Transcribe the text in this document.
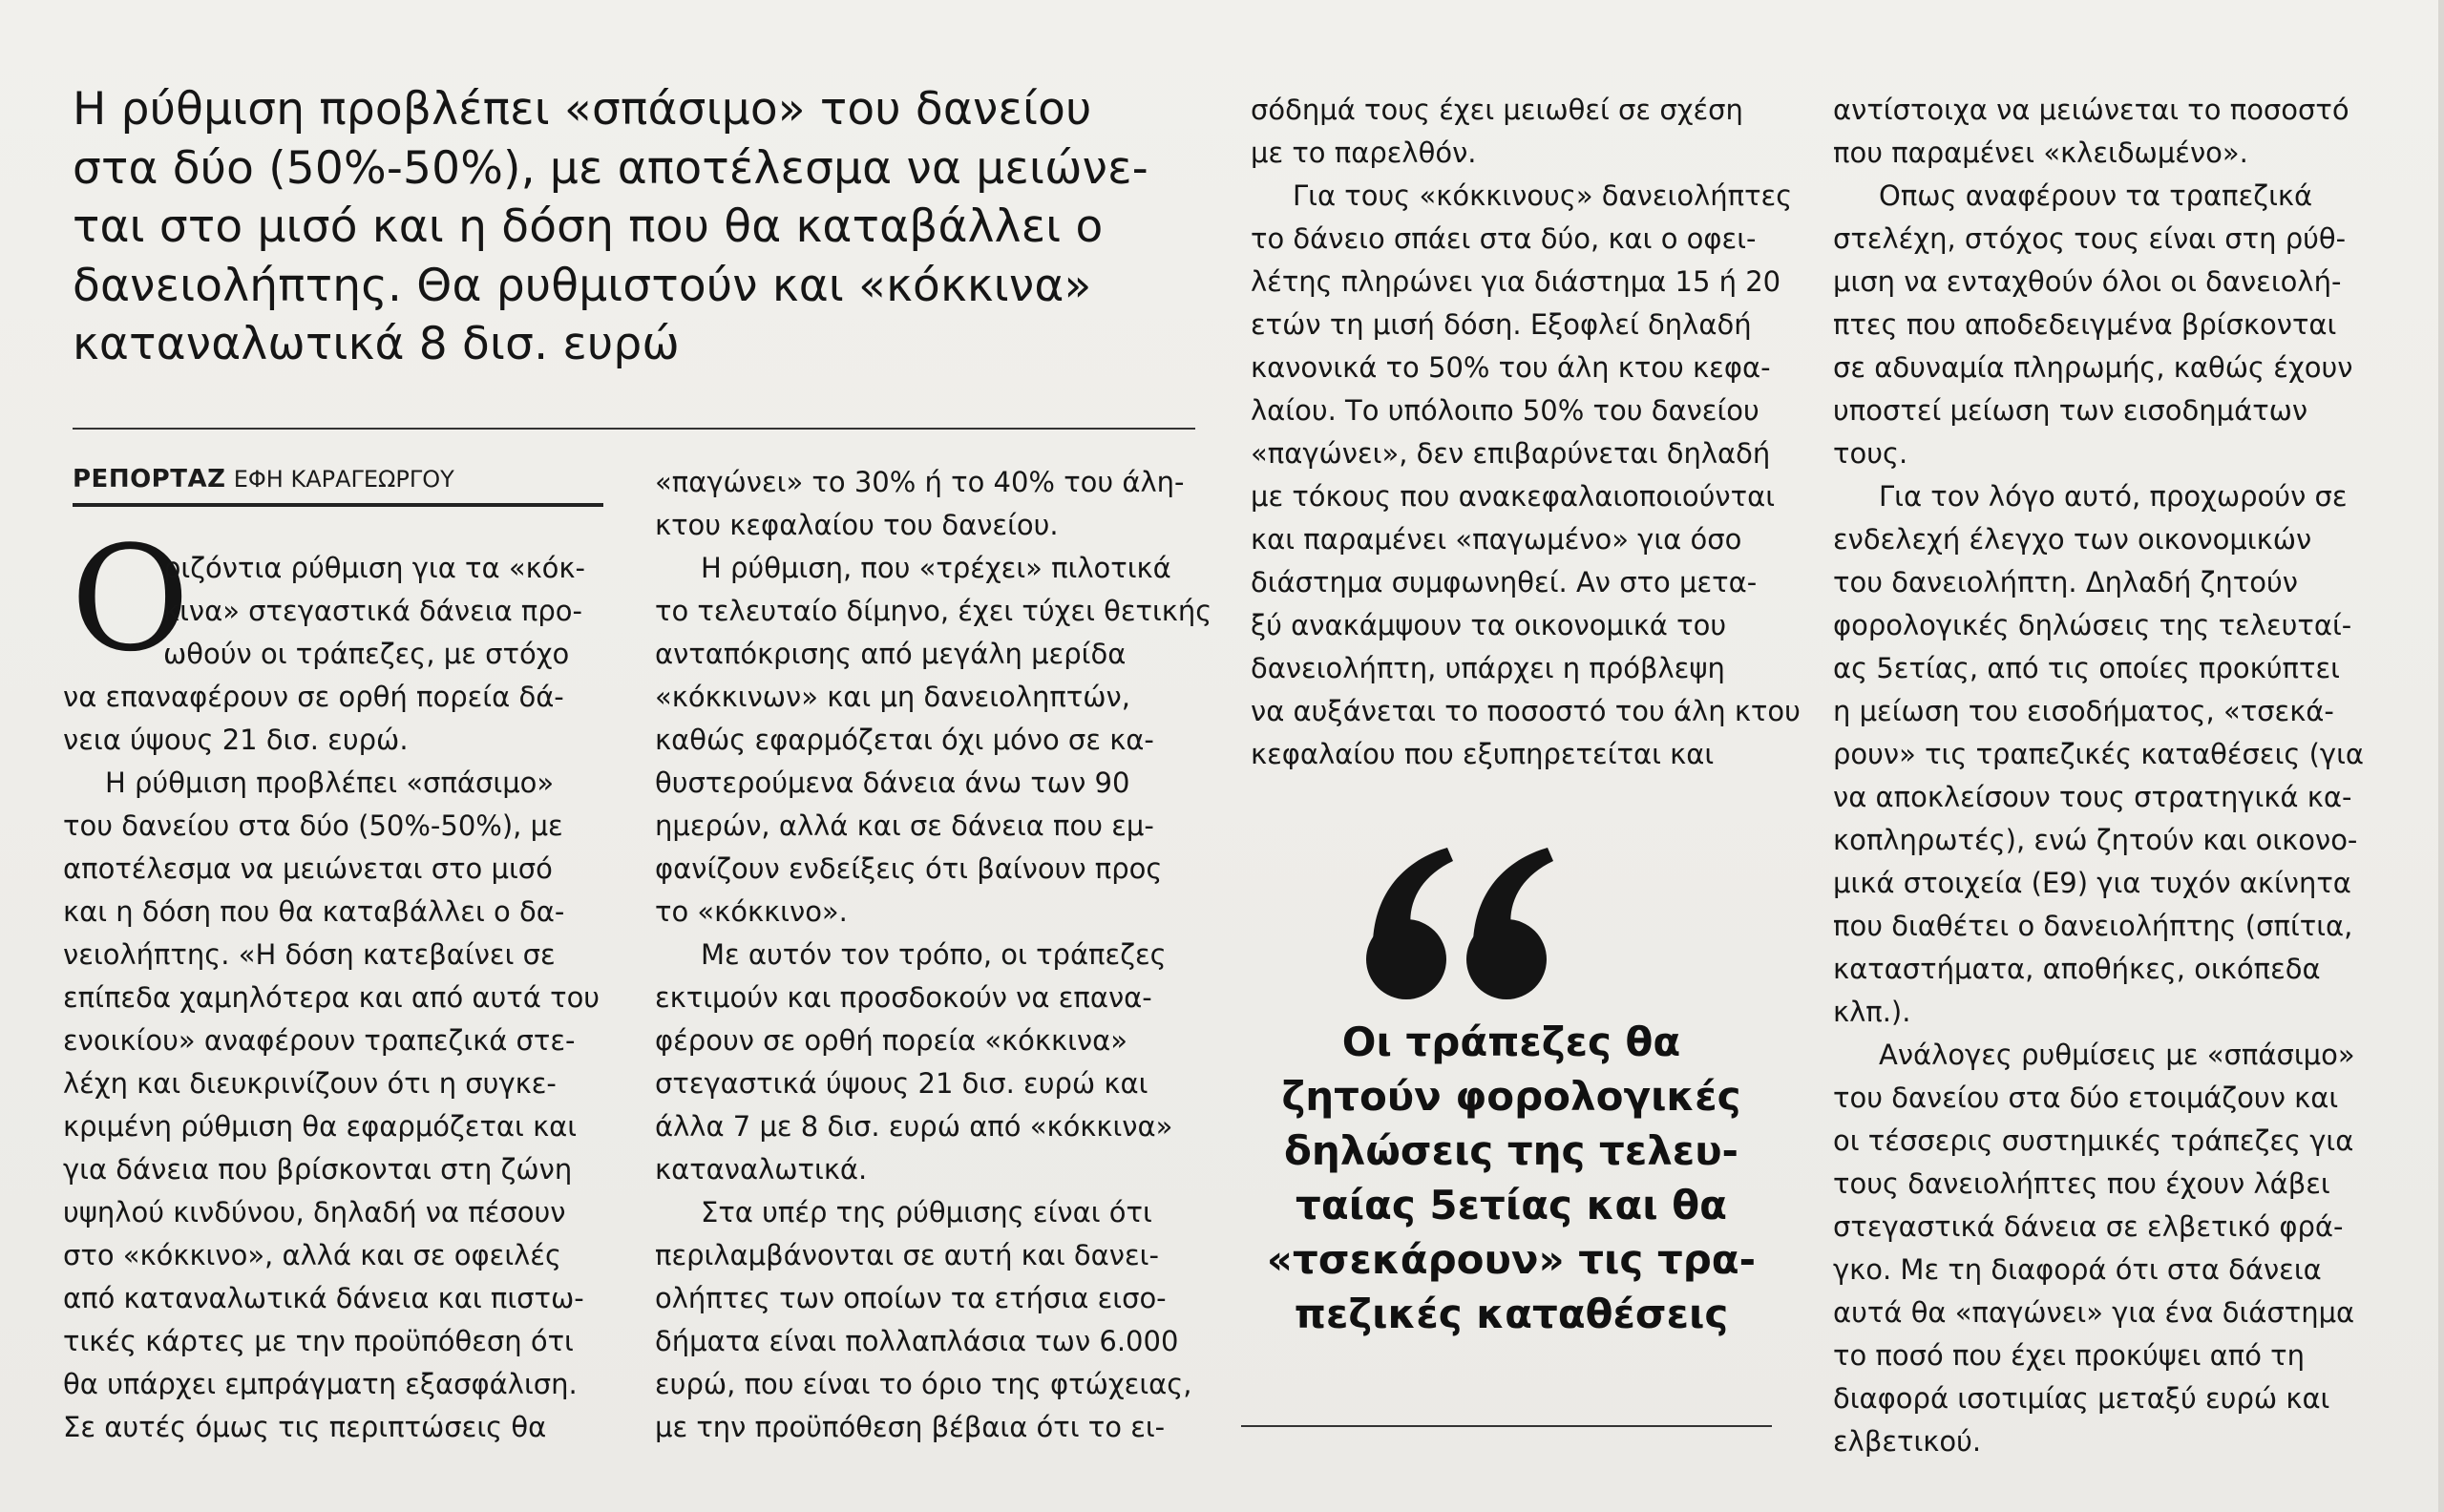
Η ρύθμιση προβλέπει «σπάσιμο» του δανείου
στα δύο (50%-50%), με αποτέλεσμα να μειώνε-
ται στο μισό και η δόση που θα καταβάλλει ο
δανειολήπτης. Θα ρυθμιστούν και «κόκκινα»
καταναλωτικά 8 δισ. ευρώ
ΡΕΠΟΡΤΑΖ ΕΦΗ ΚΑΡΑΓΕΩΡΓΟΥ
Ο
ριζόντια ρύθμιση για τα «κόκ-
κινα» στεγαστικά δάνεια προ-
ωθούν οι τράπεζες, με στόχο
να επαναφέρουν σε ορθή πορεία δά-
νεια ύψους 21 δισ. ευρώ.
Η ρύθμιση προβλέπει «σπάσιμο»
του δανείου στα δύο (50%-50%), με
αποτέλεσμα να μειώνεται στο μισό
και η δόση που θα καταβάλλει ο δα-
νειολήπτης. «Η δόση κατεβαίνει σε
επίπεδα χαμηλότερα και από αυτά του
ενοικίου» αναφέρουν τραπεζικά στε-
λέχη και διευκρινίζουν ότι η συγκε-
κριμένη ρύθμιση θα εφαρμόζεται και
για δάνεια που βρίσκονται στη ζώνη
υψηλού κινδύνου, δηλαδή να πέσουν
στο «κόκκινο», αλλά και σε οφειλές
από καταναλωτικά δάνεια και πιστω-
τικές κάρτες με την προϋπόθεση ότι
θα υπάρχει εμπράγματη εξασφάλιση.
Σε αυτές όμως τις περιπτώσεις θα
«παγώνει» το 30% ή το 40% του άλη-
κτου κεφαλαίου του δανείου.
Η ρύθμιση, που «τρέχει» πιλοτικά
το τελευταίο δίμηνο, έχει τύχει θετικής
ανταπόκρισης από μεγάλη μερίδα
«κόκκινων» και μη δανειοληπτών,
καθώς εφαρμόζεται όχι μόνο σε κα-
θυστερούμενα δάνεια άνω των 90
ημερών, αλλά και σε δάνεια που εμ-
φανίζουν ενδείξεις ότι βαίνουν προς
το «κόκκινο».
Με αυτόν τον τρόπο, οι τράπεζες
εκτιμούν και προσδοκούν να επανα-
φέρουν σε ορθή πορεία «κόκκινα»
στεγαστικά ύψους 21 δισ. ευρώ και
άλλα 7 με 8 δισ. ευρώ από «κόκκινα»
καταναλωτικά.
Στα υπέρ της ρύθμισης είναι ότι
περιλαμβάνονται σε αυτή και δανει-
ολήπτες των οποίων τα ετήσια εισο-
δήματα είναι πολλαπλάσια των 6.000
ευρώ, που είναι το όριο της φτώχειας,
με την προϋπόθεση βέβαια ότι το ει-
σόδημά τους έχει μειωθεί σε σχέση
με το παρελθόν.
Για τους «κόκκινους» δανειολήπτες
το δάνειο σπάει στα δύο, και ο οφει-
λέτης πληρώνει για διάστημα 15 ή 20
ετών τη μισή δόση. Εξοφλεί δηλαδή
κανονικά το 50% του άλη κτου κεφα-
λαίου. Το υπόλοιπο 50% του δανείου
«παγώνει», δεν επιβαρύνεται δηλαδή
με τόκους που ανακεφαλαιοποιούνται
και παραμένει «παγωμένο» για όσο
διάστημα συμφωνηθεί. Αν στο μετα-
ξύ ανακάμψουν τα οικονομικά του
δανειολήπτη, υπάρχει η πρόβλεψη
να αυξάνεται το ποσοστό του άλη κτου
κεφαλαίου που εξυπηρετείται και
Οι τράπεζες θα
ζητούν φορολογικές
δηλώσεις της τελευ-
ταίας 5ετίας και θα
«τσεκάρουν» τις τρα-
πεζικές καταθέσεις
αντίστοιχα να μειώνεται το ποσοστό
που παραμένει «κλειδωμένο».
Οπως αναφέρουν τα τραπεζικά
στελέχη, στόχος τους είναι στη ρύθ-
μιση να ενταχθούν όλοι οι δανειολή-
πτες που αποδεδειγμένα βρίσκονται
σε αδυναμία πληρωμής, καθώς έχουν
υποστεί μείωση των εισοδημάτων
τους.
Για τον λόγο αυτό, προχωρούν σε
ενδελεχή έλεγχο των οικονομικών
του δανειολήπτη. Δηλαδή ζητούν
φορολογικές δηλώσεις της τελευταί-
ας 5ετίας, από τις οποίες προκύπτει
η μείωση του εισοδήματος, «τσεκά-
ρουν» τις τραπεζικές καταθέσεις (για
να αποκλείσουν τους στρατηγικά κα-
κοπληρωτές), ενώ ζητούν και οικονο-
μικά στοιχεία (Ε9) για τυχόν ακίνητα
που διαθέτει ο δανειολήπτης (σπίτια,
καταστήματα, αποθήκες, οικόπεδα
κλπ.).
Ανάλογες ρυθμίσεις με «σπάσιμο»
του δανείου στα δύο ετοιμάζουν και
οι τέσσερις συστημικές τράπεζες για
τους δανειολήπτες που έχουν λάβει
στεγαστικά δάνεια σε ελβετικό φρά-
γκο. Με τη διαφορά ότι στα δάνεια
αυτά θα «παγώνει» για ένα διάστημα
το ποσό που έχει προκύψει από τη
διαφορά ισοτιμίας μεταξύ ευρώ και
ελβετικού.
